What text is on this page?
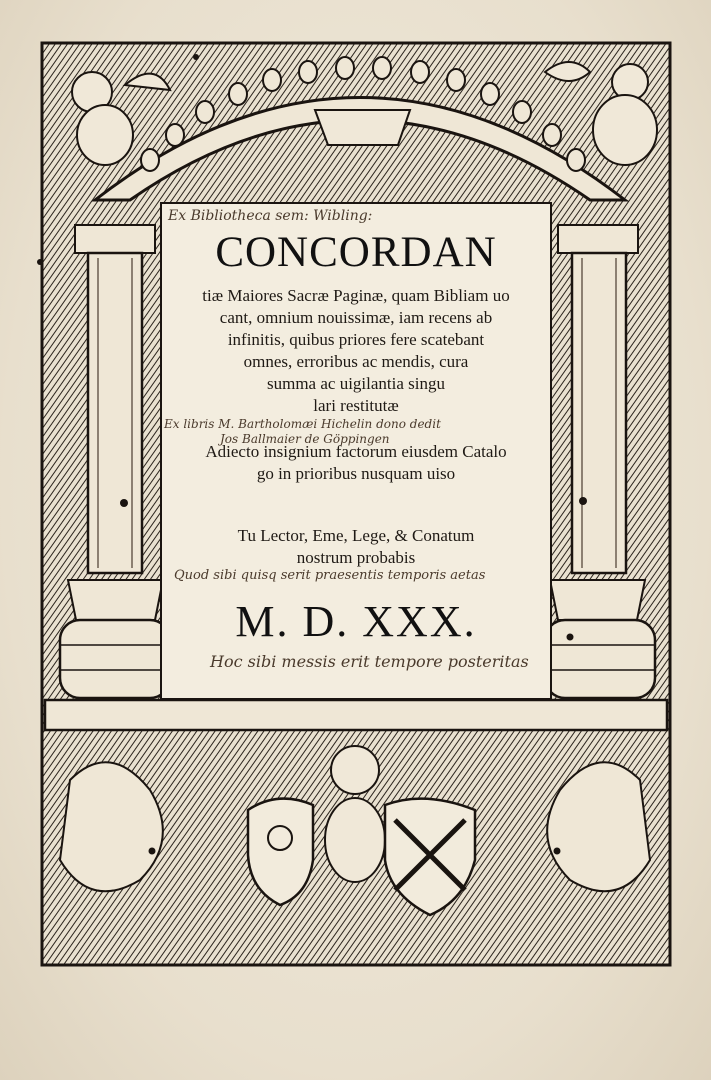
Ex Bibliotheca sem: Wibling:
CONCORDAN
tiæ Maiores Sacræ Paginæ, quam Bibliam uo
cant, omnium nouissimæ, iam recens ab
infinitis, quibus priores fere scatebant
omnes, erroribus ac mendis, cura
summa ac uigilantia singu
lari restitutæ
Ex libris M. Bartholomæi Hichelin dono dedit
Jos Ballmaier de Göppingen
Adiecto insignium factorum eiusdem Catalo
go in prioribus nusquam uiso
Tu Lector, Eme, Lege, & Conatum
nostrum probabis
Quod sibi quisq serit praesentis temporis aetas
M. D. XXX.
Hoc sibi messis erit tempore posteritas
